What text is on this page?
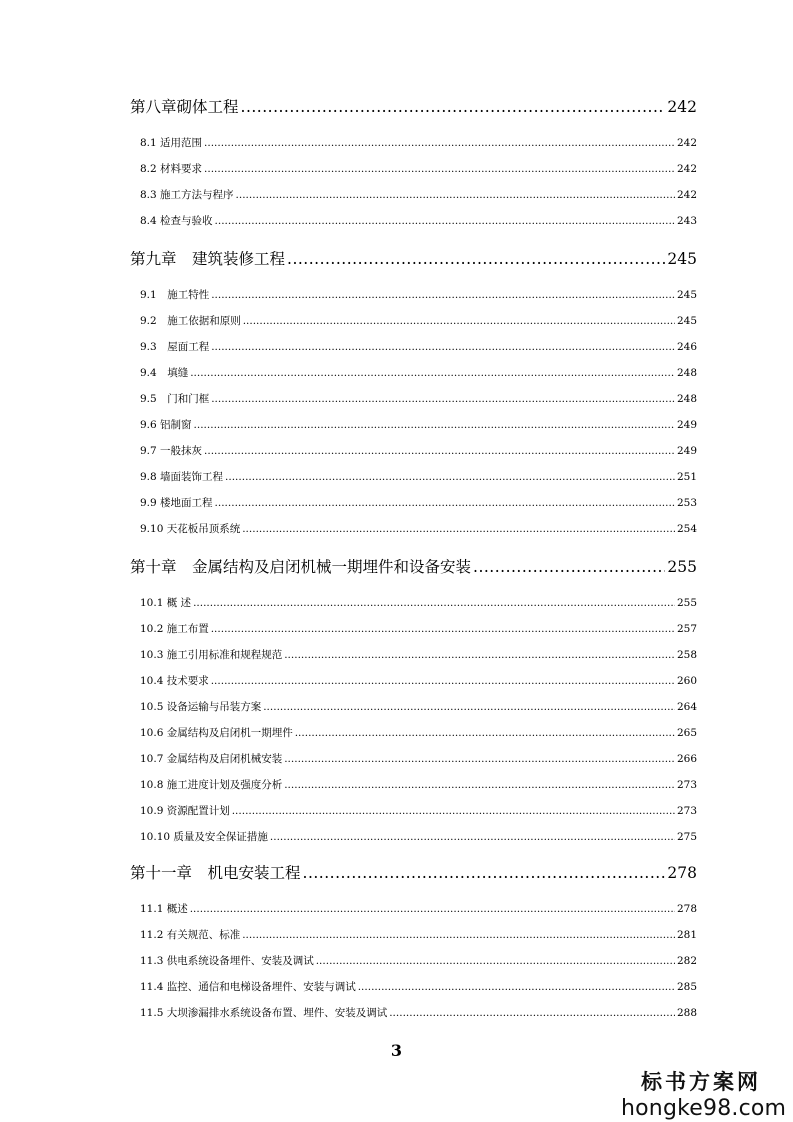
第八章砌体工程 .....	242
8.1 适用范围 .....	242
8.2 材料要求 .....	242
8.3 施工方法与程序 .....	242
8.4 检查与验收 .....	243
第九章　建筑装修工程 .....	245
9.1　施工特性 .....	245
9.2　施工依据和原则 .....	245
9.3　屋面工程 .....	246
9.4　填缝 .....	248
9.5　门和门框 .....	248
9.6 铝制窗 .....	249
9.7 一般抹灰 .....	249
9.8 墙面装饰工程 .....	251
9.9 楼地面工程 .....	253
9.10 天花板吊顶系统 .....	254
第十章　金属结构及启闭机械一期埋件和设备安装 .....	255
10.1 概 述 .....	255
10.2 施工布置 .....	257
10.3 施工引用标准和规程规范 .....	258
10.4 技术要求 .....	260
10.5 设备运输与吊装方案 .....	264
10.6 金属结构及启闭机一期埋件 .....	265
10.7 金属结构及启闭机械安装 .....	266
10.8 施工进度计划及强度分析 .....	273
10.9 资源配置计划 .....	273
10.10 质量及安全保证措施 .....	275
第十一章　机电安装工程 .....	278
11.1 概述 .....	278
11.2 有关规范、标准 .....	281
11.3 供电系统设备埋件、安装及调试 .....	282
11.4 监控、通信和电梯设备埋件、安装与调试 .....	285
11.5 大坝渗漏排水系统设备布置、埋件、安装及调试 .....	288
3
标书方案网
hongke98.com
